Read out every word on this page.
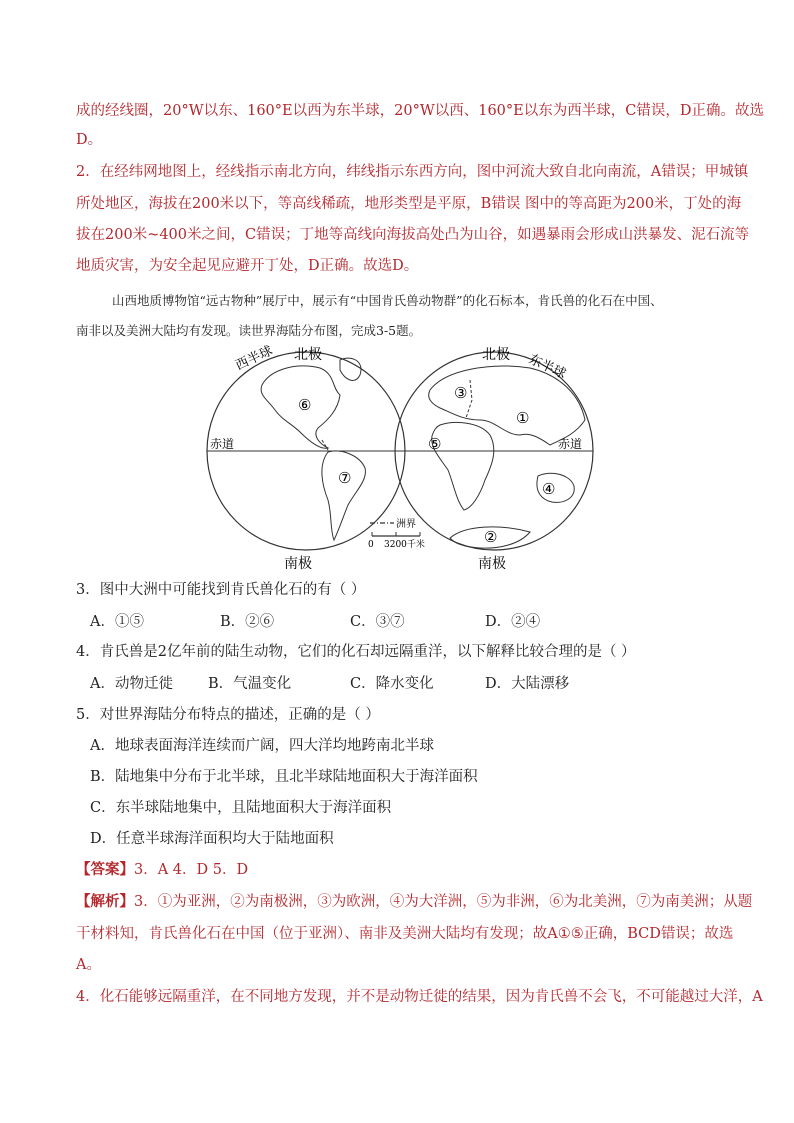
成的经线圈，20°W以东、160°E以西为东半球，20°W以西、160°E以东为西半球，C错误，D正确。故选
D。
2．在经纬网地图上，经线指示南北方向，纬线指示东西方向，图中河流大致自北向南流，A错误；甲城镇
所处地区，海拔在200米以下，等高线稀疏，地形类型是平原，B错误 图中的等高距为200米，丁处的海
拔在200米~400米之间，C错误；丁地等高线向海拔高处凸为山谷，如遇暴雨会形成山洪暴发、泥石流等
地质灾害，为安全起见应避开丁处，D正确。故选D。
山西地质博物馆“远古物种”展厅中，展示有“中国肯氏兽动物群”的化石标本，肯氏兽的化石在中国、
南非以及美洲大陆均有发现。读世界海陆分布图，完成3-5题。
西半球 北极	北极 东半球
赤道	赤道
南极	南极
⑥
⑦
③
①
⑤
④
②
洲界
0 3200千米
3．图中大洲中可能找到肯氏兽化石的有（ ）
A．①⑤	B．②⑥	C．③⑦	D．②④
4．肯氏兽是2亿年前的陆生动物，它们的化石却远隔重洋，以下解释比较合理的是（ ）
A．动物迁徙 B．气温变化	C．降水变化	D．大陆漂移
5．对世界海陆分布特点的描述，正确的是（ ）
A．地球表面海洋连续而广阔，四大洋均地跨南北半球
B．陆地集中分布于北半球，且北半球陆地面积大于海洋面积
C．东半球陆地集中，且陆地面积大于海洋面积
D．任意半球海洋面积均大于陆地面积
【答案】3．A 4．D 5．D
【解析】3．①为亚洲，②为南极洲，③为欧洲，④为大洋洲，⑤为非洲，⑥为北美洲，⑦为南美洲；从题
干材料知，肯氏兽化石在中国（位于亚洲）、南非及美洲大陆均有发现；故A①⑤正确，BCD错误；故选
A。
4．化石能够远隔重洋，在不同地方发现，并不是动物迁徙的结果，因为肯氏兽不会飞，不可能越过大洋，A
